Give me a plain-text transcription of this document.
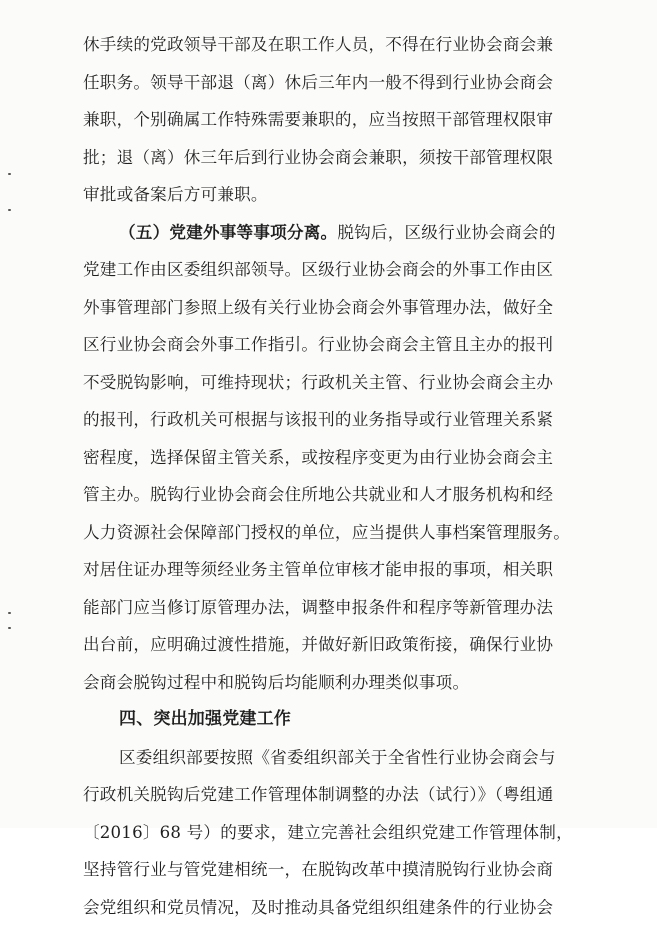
休手续的党政领导干部及在职工作人员，不得在行业协会商会兼
任职务。领导干部退（离）休后三年内一般不得到行业协会商会
兼职，个别确属工作特殊需要兼职的，应当按照干部管理权限审
批；退（离）休三年后到行业协会商会兼职，须按干部管理权限
审批或备案后方可兼职。
（五）党建外事等事项分离。脱钩后，区级行业协会商会的
党建工作由区委组织部领导。区级行业协会商会的外事工作由区
外事管理部门参照上级有关行业协会商会外事管理办法，做好全
区行业协会商会外事工作指引。行业协会商会主管且主办的报刊
不受脱钩影响，可维持现状；行政机关主管、行业协会商会主办
的报刊，行政机关可根据与该报刊的业务指导或行业管理关系紧
密程度，选择保留主管关系，或按程序变更为由行业协会商会主
管主办。脱钩行业协会商会住所地公共就业和人才服务机构和经
人力资源社会保障部门授权的单位，应当提供人事档案管理服务。
对居住证办理等须经业务主管单位审核才能申报的事项，相关职
能部门应当修订原管理办法，调整申报条件和程序等新管理办法
出台前，应明确过渡性措施，并做好新旧政策衔接，确保行业协
会商会脱钩过程中和脱钩后均能顺利办理类似事项。
四、突出加强党建工作
区委组织部要按照《省委组织部关于全省性行业协会商会与
行政机关脱钩后党建工作管理体制调整的办法（试行）》（粤组通
〔2016〕68 号）的要求，建立完善社会组织党建工作管理体制，
坚持管行业与管党建相统一，在脱钩改革中摸清脱钩行业协会商
会党组织和党员情况，及时推动具备党组织组建条件的行业协会
